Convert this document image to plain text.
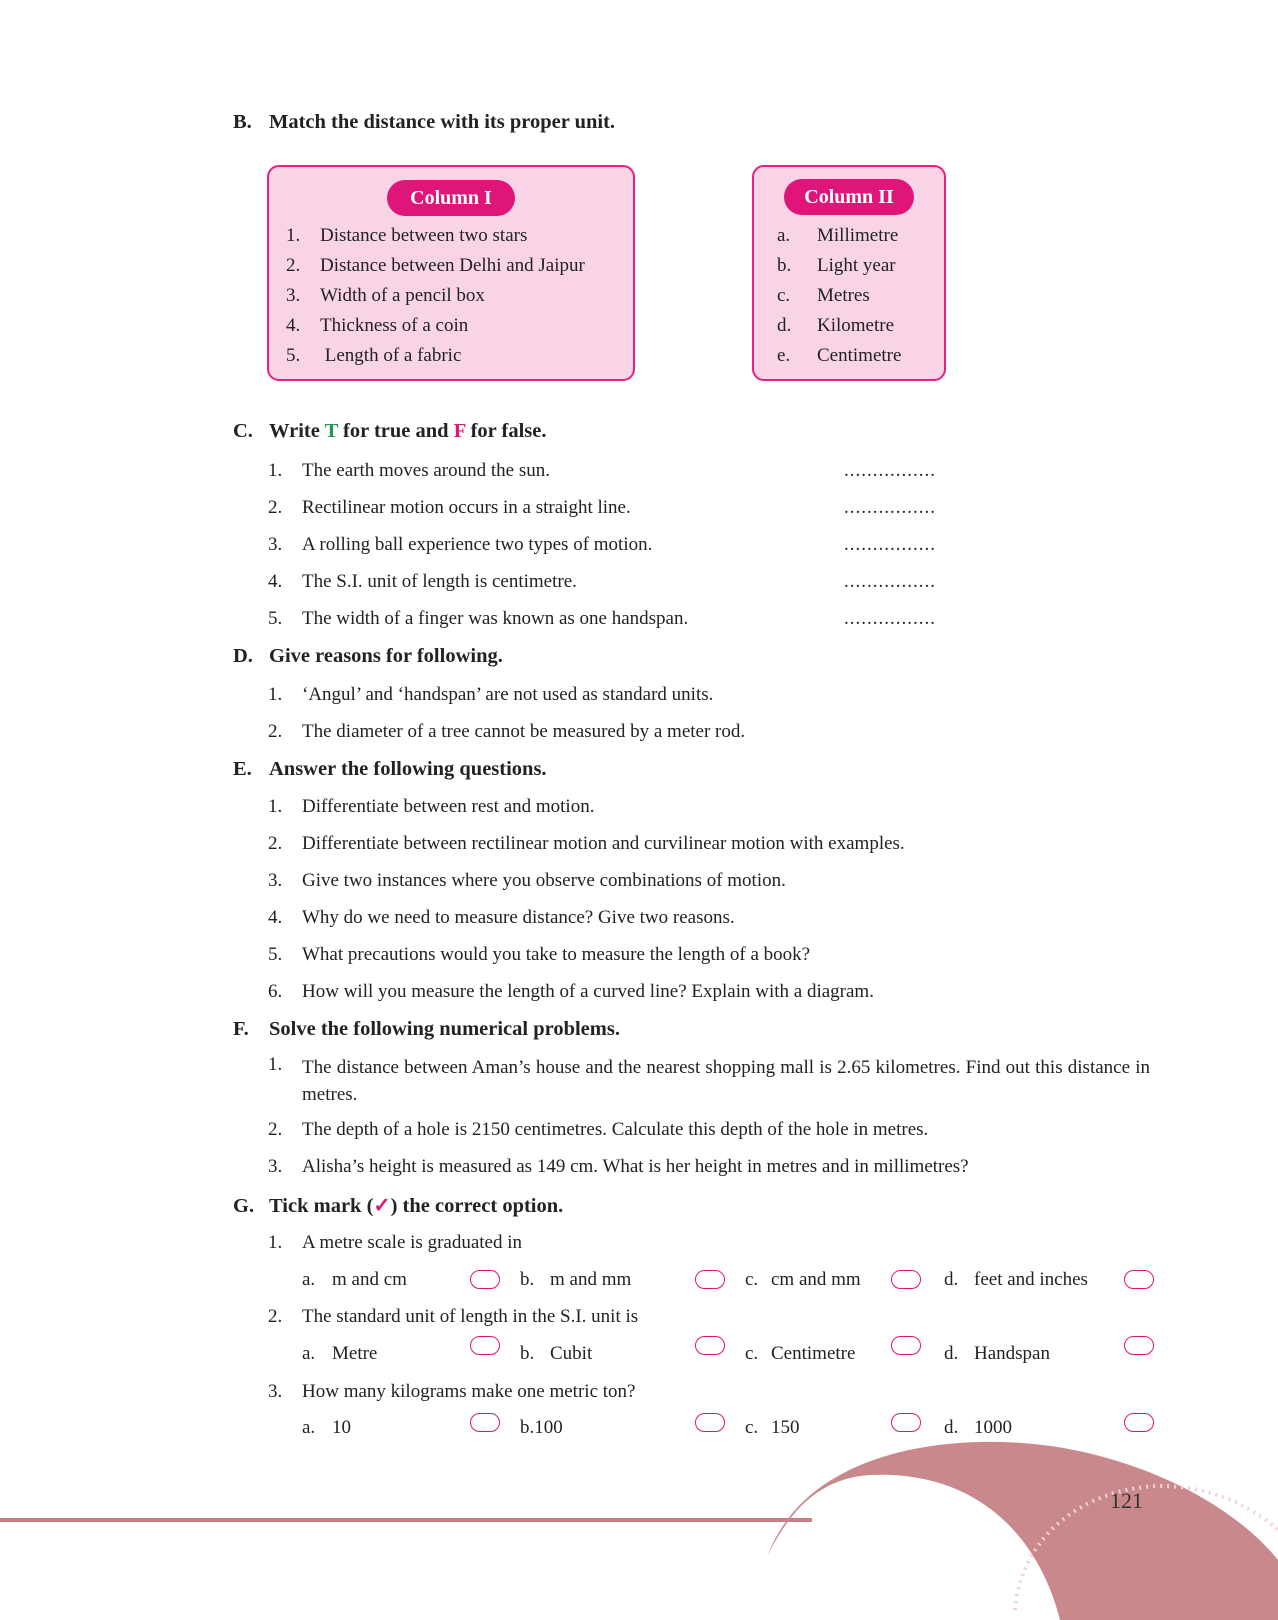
B. Match the distance with its proper unit.
Column I
1. Distance between two stars
2. Distance between Delhi and Jaipur
3. Width of a pencil box
4. Thickness of a coin
5. Length of a fabric
Column II
a. Millimetre
b. Light year
c. Metres
d. Kilometre
e. Centimetre
C. Write T for true and F for false.
1. The earth moves around the sun.	................
2. Rectilinear motion occurs in a straight line.	................
3. A rolling ball experience two types of motion.	................
4. The S.I. unit of length is centimetre.	................
5. The width of a finger was known as one handspan.	................
D. Give reasons for following.
1. ‘Angul’ and ‘handspan’ are not used as standard units.
2. The diameter of a tree cannot be measured by a meter rod.
E. Answer the following questions.
1. Differentiate between rest and motion.
2. Differentiate between rectilinear motion and curvilinear motion with examples.
3. Give two instances where you observe combinations of motion.
4. Why do we need to measure distance? Give two reasons.
5. What precautions would you take to measure the length of a book?
6. How will you measure the length of a curved line? Explain with a diagram.
F. Solve the following numerical problems.
1. The distance between Aman’s house and the nearest shopping mall is 2.65 kilometres. Find out this distance in metres.
2. The depth of a hole is 2150 centimetres. Calculate this depth of the hole in metres.
3. Alisha’s height is measured as 149 cm. What is her height in metres and in millimetres?
G. Tick mark (✓) the correct option.
1. A metre scale is graduated in
a. m and cm	b. m and mm	c. cm and mm	d. feet and inches
2. The standard unit of length in the S.I. unit is
a. Metre	b. Cubit	c. Centimetre	d. Handspan
3. How many kilograms make one metric ton?
a. 10	b.100	c. 150	d. 1000
121
